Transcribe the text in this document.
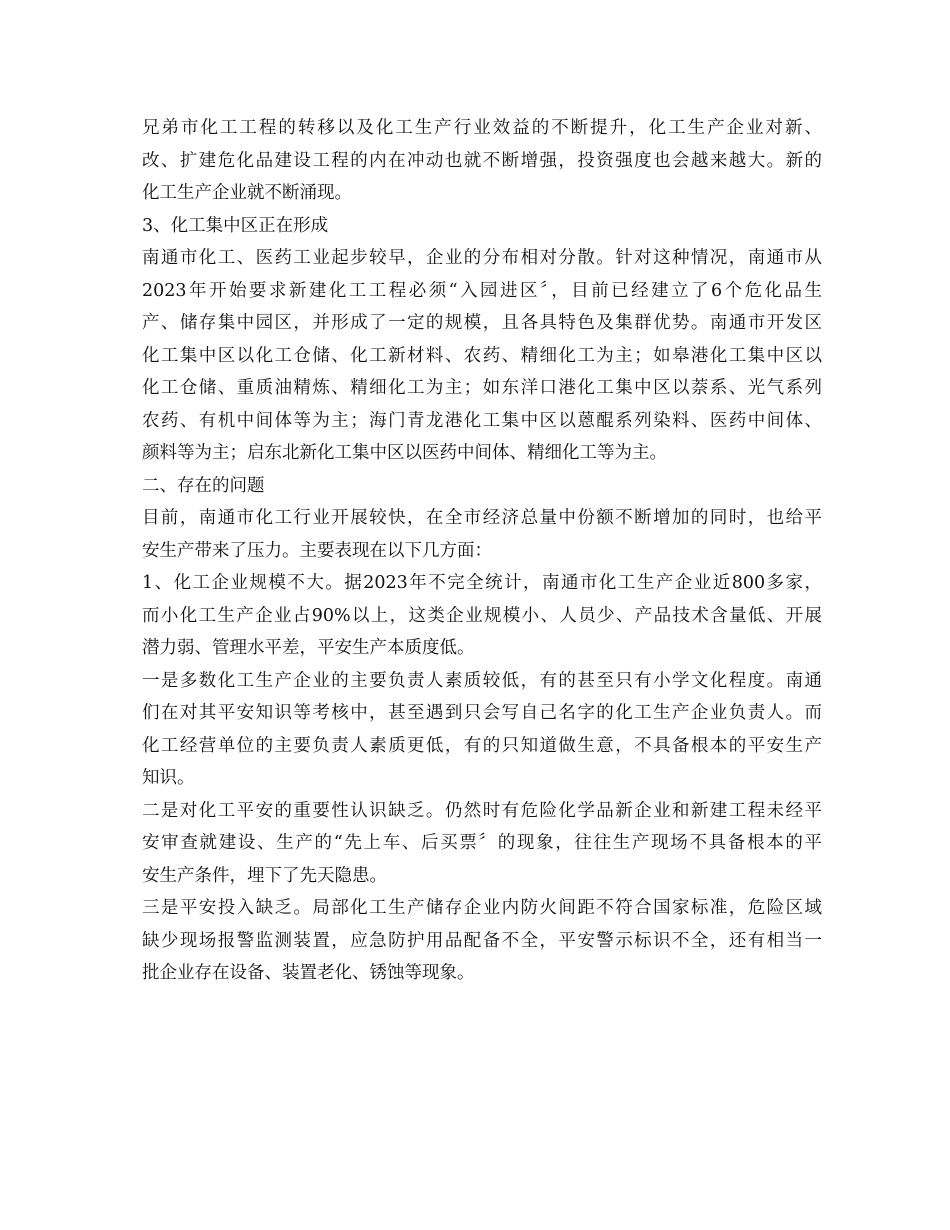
兄弟市化工工程的转移以及化工生产行业效益的不断提升，化工生产企业对新、
改、扩建危化品建设工程的内在冲动也就不断增强，投资强度也会越来越大。新的
化工生产企业就不断涌现。
3、化工集中区正在形成
南通市化工、医药工业起步较早，企业的分布相对分散。针对这种情况，南通市从
2023年开始要求新建化工工程必须“入园进区〞，目前已经建立了6个危化品生
产、储存集中园区，并形成了一定的规模，且各具特色及集群优势。南通市开发区
化工集中区以化工仓储、化工新材料、农药、精细化工为主；如皋港化工集中区以
化工仓储、重质油精炼、精细化工为主；如东洋口港化工集中区以萘系、光气系列
农药、有机中间体等为主；海门青龙港化工集中区以蒽醌系列染料、医药中间体、
颜料等为主；启东北新化工集中区以医药中间体、精细化工等为主。
二、存在的问题
目前，南通市化工行业开展较快，在全市经济总量中份额不断增加的同时，也给平
安生产带来了压力。主要表现在以下几方面：
1、化工企业规模不大。据2023年不完全统计，南通市化工生产企业近800多家，
而小化工生产企业占90%以上，这类企业规模小、人员少、产品技术含量低、开展
潜力弱、管理水平差，平安生产本质度低。
一是多数化工生产企业的主要负责人素质较低，有的甚至只有小学文化程度。南通
们在对其平安知识等考核中，甚至遇到只会写自己名字的化工生产企业负责人。而
化工经营单位的主要负责人素质更低，有的只知道做生意，不具备根本的平安生产
知识。
二是对化工平安的重要性认识缺乏。仍然时有危险化学品新企业和新建工程未经平
安审查就建设、生产的“先上车、后买票〞的现象，往往生产现场不具备根本的平
安生产条件，埋下了先天隐患。
三是平安投入缺乏。局部化工生产储存企业内防火间距不符合国家标准，危险区域
缺少现场报警监测装置，应急防护用品配备不全，平安警示标识不全，还有相当一
批企业存在设备、装置老化、锈蚀等现象。
